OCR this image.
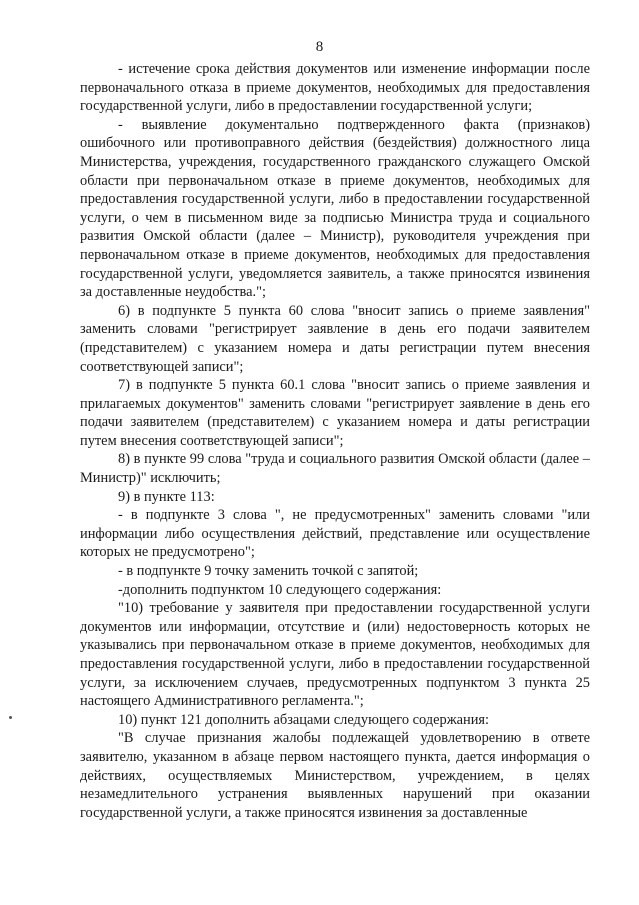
8

- истечение срока действия документов или изменение информации после первоначального отказа в приеме документов, необходимых для предоставления государственной услуги, либо в предоставлении государственной услуги;

- выявление документально подтвержденного факта (признаков) ошибочного или противоправного действия (бездействия) должностного лица Министерства, учреждения, государственного гражданского служащего Омской области при первоначальном отказе в приеме документов, необходимых для предоставления государственной услуги, либо в предоставлении государственной услуги, о чем в письменном виде за подписью Министра труда и социального развития Омской области (далее – Министр), руководителя учреждения при первоначальном отказе в приеме документов, необходимых для предоставления государственной услуги, уведомляется заявитель, а также приносятся извинения за доставленные неудобства.";

6) в подпункте 5 пункта 60 слова "вносит запись о приеме заявления" заменить словами "регистрирует заявление в день его подачи заявителем (представителем) с указанием номера и даты регистрации путем внесения соответствующей записи";

7) в подпункте 5 пункта 60.1 слова "вносит запись о приеме заявления и прилагаемых документов" заменить словами "регистрирует заявление в день его подачи заявителем (представителем) с указанием номера и даты регистрации путем внесения соответствующей записи";

8) в пункте 99 слова "труда и социального развития Омской области (далее – Министр)" исключить;

9) в пункте 113:

- в подпункте 3 слова ", не предусмотренных" заменить словами "или информации либо осуществления действий, представление или осуществление которых не предусмотрено";

- в подпункте 9 точку заменить точкой с запятой;

-дополнить подпунктом 10 следующего содержания:

"10) требование у заявителя при предоставлении государственной услуги документов или информации, отсутствие и (или) недостоверность которых не указывались при первоначальном отказе в приеме документов, необходимых для предоставления государственной услуги, либо в предоставлении государственной услуги, за исключением случаев, предусмотренных подпунктом 3 пункта 25 настоящего Административного регламента.";

10) пункт 121 дополнить абзацами следующего содержания:

"В случае признания жалобы подлежащей удовлетворению в ответе заявителю, указанном в абзаце первом настоящего пункта, дается информация о действиях, осуществляемых Министерством, учреждением, в целях незамедлительного устранения выявленных нарушений при оказании государственной услуги, а также приносятся извинения за доставленные
